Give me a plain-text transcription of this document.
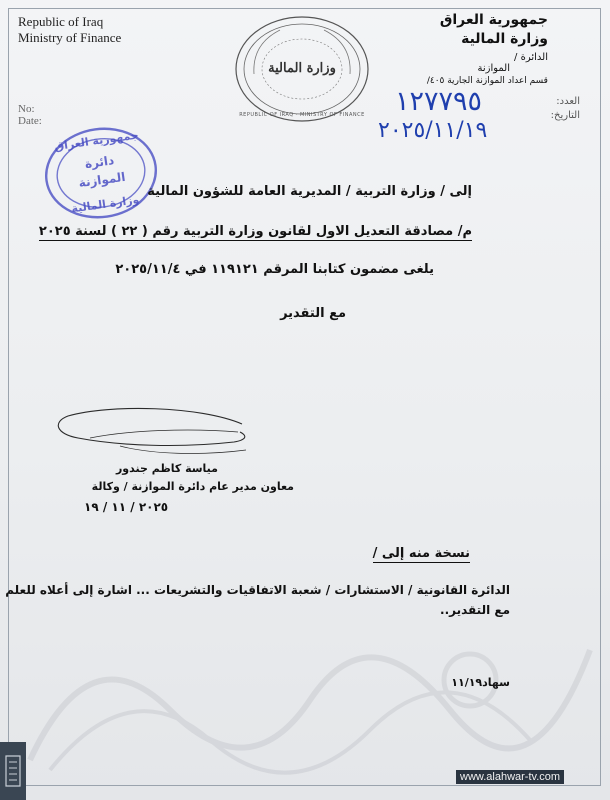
Republic of Iraq
Ministry of Finance
No:
Date:
جمهورية العراق
وزارة المالية
الدائرة /
الموازنة
قسم اعداد الموازنة الجارية ٤٠٥/
العدد:
التاريخ:
١٢٧٧٩٥
٢٠٢٥/١١/١٩
وزارة المالية
REPUBLIC OF IRAQ · MINISTRY OF FINANCE
جمهورية العراق
دائرة
الموازنة
وزارة المالية
إلى / وزارة التربية / المديرية العامة للشؤون المالية
م/ مصادقة التعديل الاول لقانون وزارة التربية رقم ( ٢٢ ) لسنة ٢٠٢٥
يلغى مضمون كتابنا المرقم ١١٩١٢١ في ٢٠٢٥/١١/٤
مع التقدير
مياسة كاظم جندور
معاون مدير عام دائرة الموازنة / وكالة
٢٠٢٥ / ١١ / ١٩
نسخة منه إلى /
الدائرة القانونية / الاستشارات / شعبة الاتفاقيات والتشريعات ... اشارة إلى أعلاه للعلم
مع التقدير..
سهاد١١/١٩
www.alahwar-tv.com
